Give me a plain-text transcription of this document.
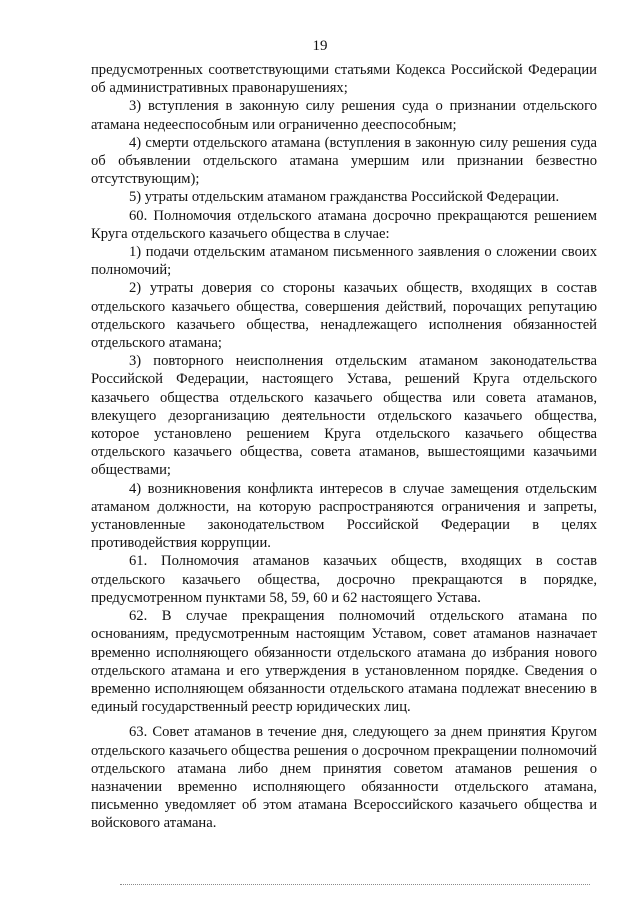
19

предусмотренных соответствующими статьями Кодекса Российской Федерации об административных правонарушениях;

3) вступления в законную силу решения суда о признании отдельского атамана недееспособным или ограниченно дееспособным;

4) смерти отдельского атамана (вступления в законную силу решения суда об объявлении отдельского атамана умершим или признании безвестно отсутствующим);

5) утраты отдельским атаманом гражданства Российской Федерации.

60. Полномочия отдельского атамана досрочно прекращаются решением Круга отдельского казачьего общества в случае:

1) подачи отдельским атаманом письменного заявления о сложении своих полномочий;

2) утраты доверия со стороны казачьих обществ, входящих в состав отдельского казачьего общества, совершения действий, порочащих репутацию отдельского казачьего общества, ненадлежащего исполнения обязанностей отдельского атамана;

3) повторного неисполнения отдельским атаманом законодательства Российской Федерации, настоящего Устава, решений Круга отдельского казачьего общества отдельского казачьего общества или совета атаманов, влекущего дезорганизацию деятельности отдельского казачьего общества, которое установлено решением Круга отдельского казачьего общества отдельского казачьего общества, совета атаманов, вышестоящими казачьими обществами;

4) возникновения конфликта интересов в случае замещения отдельским атаманом должности, на которую распространяются ограничения и запреты, установленные законодательством Российской Федерации в целях противодействия коррупции.

61. Полномочия атаманов казачьих обществ, входящих в состав отдельского казачьего общества, досрочно прекращаются в порядке, предусмотренном пунктами 58, 59, 60 и 62 настоящего Устава.

62. В случае прекращения полномочий отдельского атамана по основаниям, предусмотренным настоящим Уставом, совет атаманов назначает временно исполняющего обязанности отдельского атамана до избрания нового отдельского атамана и его утверждения в установленном порядке. Сведения о временно исполняющем обязанности отдельского атамана подлежат внесению в единый государственный реестр юридических лиц.

63. Совет атаманов в течение дня, следующего за днем принятия Кругом отдельского казачьего общества решения о досрочном прекращении полномочий отдельского атамана либо днем принятия советом атаманов решения о назначении временно исполняющего обязанности отдельского атамана, письменно уведомляет об этом атамана Всероссийского казачьего общества и войскового атамана.
